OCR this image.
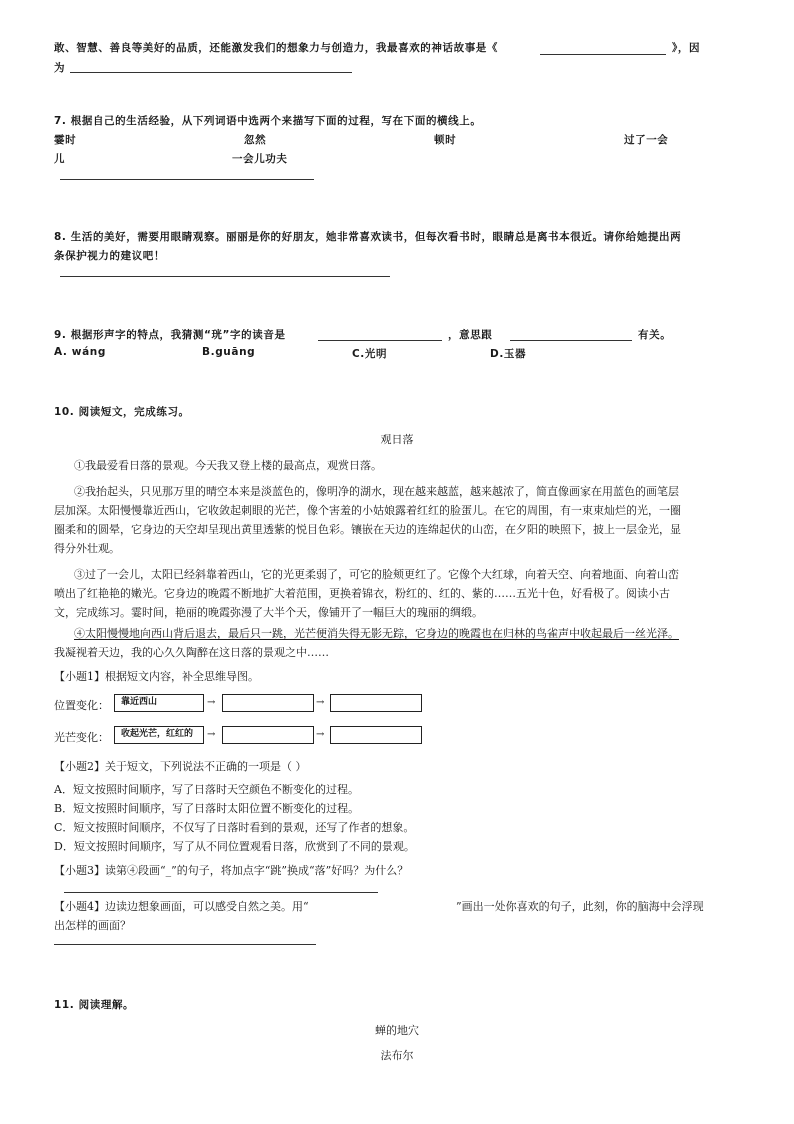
敢、智慧、善良等美好的品质，还能激发我们的想象力与创造力，我最喜欢的神话故事是《	》，因
为
7. 根据自己的生活经验，从下列词语中选两个来描写下面的过程，写在下面的横线上。
霎时	忽然	顿时	过了一会
儿	一会儿功夫
8. 生活的美好，需要用眼睛观察。丽丽是你的好朋友，她非常喜欢读书，但每次看书时，眼睛总是离书本很近。请你给她提出两
条保护视力的建议吧！
9. 根据形声字的特点，我猜测“珖”字的读音是	，意思跟	有关。
A. wáng	B.guāng	C.光明	D.玉器
10. 阅读短文，完成练习。
观日落
①我最爱看日落的景观。今天我又登上楼的最高点，观赏日落。
②我抬起头，只见那万里的晴空本来是淡蓝色的，像明净的湖水，现在越来越蓝，越来越浓了，简直像画家在用蓝色的画笔层
层加深。太阳慢慢靠近西山，它收敛起刺眼的光芒，像个害羞的小姑娘露着红红的脸蛋儿。在它的周围，有一束束灿烂的光，一圈
圈柔和的圆晕，它身边的天空却呈现出黄里透紫的悦目色彩。镶嵌在天边的连绵起伏的山峦，在夕阳的映照下，披上一层金光，显
得分外壮观。
③过了一会儿，太阳已经斜靠着西山，它的光更柔弱了，可它的脸颊更红了。它像个大红球，向着天空、向着地面、向着山峦
喷出了红艳艳的嫩光。它身边的晚霞不断地扩大着范围，更换着锦衣，粉红的、红的、紫的……五光十色，好看极了。阅读小古
文，完成练习。霎时间，艳丽的晚霞弥漫了大半个天，像铺开了一幅巨大的瑰丽的绸缎。
④太阳慢慢地向西山背后退去，最后只一跳，光芒便消失得无影无踪，它身边的晚霞也在归林的鸟雀声中收起最后一丝光泽。
我凝视着天边，我的心久久陶醉在这日落的景观之中……
【小题1】根据短文内容，补全思维导图。
位置变化：	靠近西山	→	→
光芒变化：	收起光芒，红红的	→	→
【小题2】关于短文，下列说法不正确的一项是（ ）
A．短文按照时间顺序，写了日落时天空颜色不断变化的过程。
B．短文按照时间顺序，写了日落时太阳位置不断变化的过程。
C．短文按照时间顺序，不仅写了日落时看到的景观，还写了作者的想象。
D．短文按照时间顺序，写了从不同位置观看日落，欣赏到了不同的景观。
【小题3】读第④段画“_”的句子，将加点字“跳”换成“落”好吗？为什么？
【小题4】边读边想象画面，可以感受自然之美。用“	”画出一处你喜欢的句子，此刻，你的脑海中会浮现
出怎样的画面？
11. 阅读理解。
蝉的地穴
法布尔
